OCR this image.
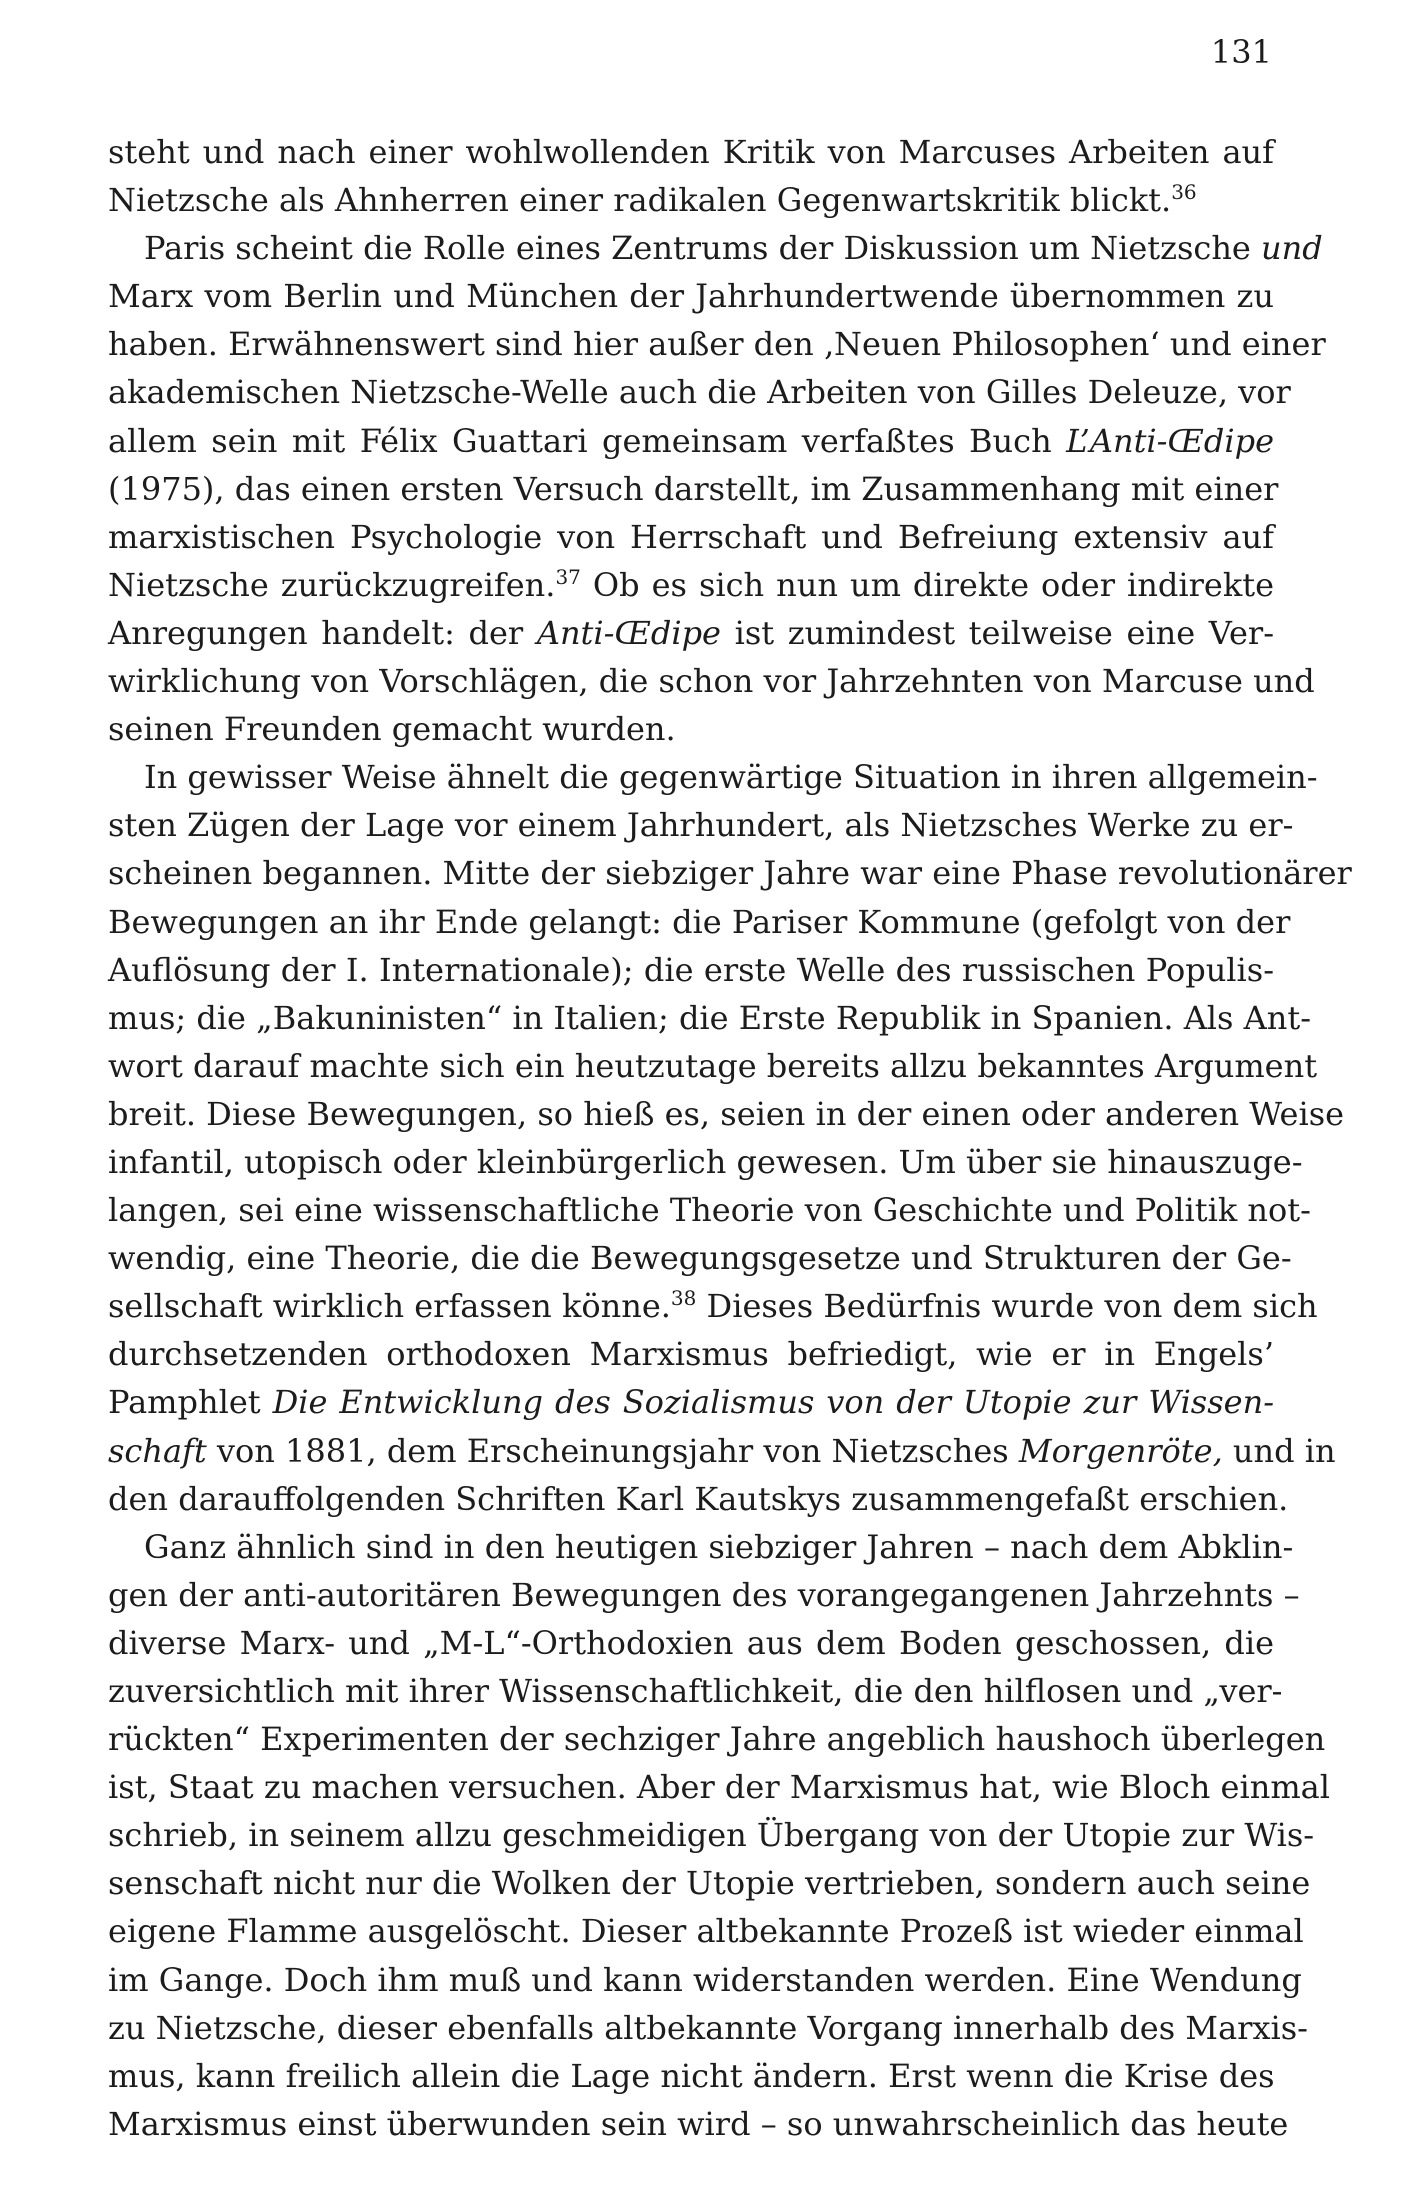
131
steht und nach einer wohlwollenden Kritik von Marcuses Arbeiten auf
Nietzsche als Ahnherren einer radikalen Gegenwartskritik blickt.$^{36}$
Paris scheint die Rolle eines Zentrums der Diskussion um Nietzsche und
Marx vom Berlin und München der Jahrhundertwende übernommen zu
haben. Erwähnenswert sind hier außer den ‚Neuen Philosophen‘ und einer
akademischen Nietzsche-Welle auch die Arbeiten von Gilles Deleuze, vor
allem sein mit Félix Guattari gemeinsam verfaßtes Buch L’Anti-Œdipe
(1975), das einen ersten Versuch darstellt, im Zusammenhang mit einer
marxistischen Psychologie von Herrschaft und Befreiung extensiv auf
Nietzsche zurückzugreifen.$^{37}$ Ob es sich nun um direkte oder indirekte
Anregungen handelt: der Anti-Œdipe ist zumindest teilweise eine Ver-
wirklichung von Vorschlägen, die schon vor Jahrzehnten von Marcuse und
seinen Freunden gemacht wurden.
In gewisser Weise ähnelt die gegenwärtige Situation in ihren allgemein-
sten Zügen der Lage vor einem Jahrhundert, als Nietzsches Werke zu er-
scheinen begannen. Mitte der siebziger Jahre war eine Phase revolutionärer
Bewegungen an ihr Ende gelangt: die Pariser Kommune (gefolgt von der
Auflösung der I. Internationale); die erste Welle des russischen Populis-
mus; die „Bakuninisten“ in Italien; die Erste Republik in Spanien. Als Ant-
wort darauf machte sich ein heutzutage bereits allzu bekanntes Argument
breit. Diese Bewegungen, so hieß es, seien in der einen oder anderen Weise
infantil, utopisch oder kleinbürgerlich gewesen. Um über sie hinauszuge-
langen, sei eine wissenschaftliche Theorie von Geschichte und Politik not-
wendig, eine Theorie, die die Bewegungsgesetze und Strukturen der Ge-
sellschaft wirklich erfassen könne.$^{38}$ Dieses Bedürfnis wurde von dem sich
durchsetzenden orthodoxen Marxismus befriedigt, wie er in Engels’
Pamphlet Die Entwicklung des Sozialismus von der Utopie zur Wissen-
schaft von 1881, dem Erscheinungsjahr von Nietzsches Morgenröte, und in
den darauffolgenden Schriften Karl Kautskys zusammengefaßt erschien.
Ganz ähnlich sind in den heutigen siebziger Jahren – nach dem Abklin-
gen der anti-autoritären Bewegungen des vorangegangenen Jahrzehnts –
diverse Marx- und „M-L“-Orthodoxien aus dem Boden geschossen, die
zuversichtlich mit ihrer Wissenschaftlichkeit, die den hilflosen und „ver-
rückten“ Experimenten der sechziger Jahre angeblich haushoch überlegen
ist, Staat zu machen versuchen. Aber der Marxismus hat, wie Bloch einmal
schrieb, in seinem allzu geschmeidigen Übergang von der Utopie zur Wis-
senschaft nicht nur die Wolken der Utopie vertrieben, sondern auch seine
eigene Flamme ausgelöscht. Dieser altbekannte Prozeß ist wieder einmal
im Gange. Doch ihm muß und kann widerstanden werden. Eine Wendung
zu Nietzsche, dieser ebenfalls altbekannte Vorgang innerhalb des Marxis-
mus, kann freilich allein die Lage nicht ändern. Erst wenn die Krise des
Marxismus einst überwunden sein wird – so unwahrscheinlich das heute
